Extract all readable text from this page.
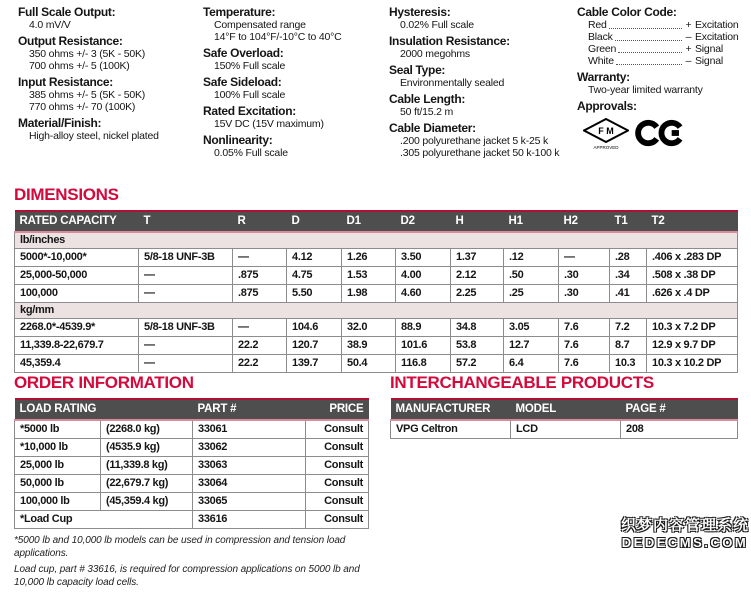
Full Scale Output:
4.0 mV/V
Output Resistance:
350 ohms +/- 3 (5K - 50K)
700 ohms +/- 5 (100K)
Input Resistance:
385 ohms +/- 5 (5K - 50K)
770 ohms +/- 70 (100K)
Material/Finish:
High-alloy steel, nickel plated
Temperature:
Compensated range
14°F to 104°F/-10°C to 40°C
Safe Overload:
150% Full scale
Safe Sideload:
100% Full scale
Rated Excitation:
15V DC (15V maximum)
Nonlinearity:
0.05% Full scale
Hysteresis:
0.02% Full scale
Insulation Resistance:
2000 megohms
Seal Type:
Environmentally sealed
Cable Length:
50 ft/15.2 m
Cable Diameter:
.200 polyurethane jacket 5 k-25 k
.305 polyurethane jacket 50 k-100 k
Cable Color Code:
Red	+ Excitation
Black	– Excitation
Green	+ Signal
White	– Signal
Warranty:
Two-year limited warranty
Approvals:
F M
APPROVED
DIMENSIONS
RATED CAPACITY	T	R	D	D1	D2	H	H1	H2	T1	T2
lb/inches										
5000*-10,000*	5/8-18 UNF-3B	—	4.12	1.26	3.50	1.37	.12	—	.28	.406 x .283 DP
25,000-50,000	—	.875	4.75	1.53	4.00	2.12	.50	.30	.34	.508 x .38 DP
100,000	—	.875	5.50	1.98	4.60	2.25	.25	.30	.41	.626 x .4 DP
kg/mm										
2268.0*-4539.9*	5/8-18 UNF-3B	—	104.6	32.0	88.9	34.8	3.05	7.6	7.2	10.3 x 7.2 DP
11,339.8-22,679.7	—	22.2	120.7	38.9	101.6	53.8	12.7	7.6	8.7	12.9 x 9.7 DP
45,359.4	—	22.2	139.7	50.4	116.8	57.2	6.4	7.6	10.3	10.3 x 10.2 DP
ORDER INFORMATION
LOAD RATING		PART #	PRICE
*5000 lb	(2268.0 kg)	33061	Consult
*10,000 lb	(4535.9 kg)	33062	Consult
25,000 lb	(11,339.8 kg)	33063	Consult
50,000 lb	(22,679.7 kg)	33064	Consult
100,000 lb	(45,359.4 kg)	33065	Consult
*Load Cup		33616	Consult

*5000 lb and 10,000 lb models can be used in compression and tension load applications.

Load cup, part # 33616, is required for compression applications on 5000 lb and 10,000 lb capacity load cells.

INTERCHANGEABLE PRODUCTS
MANUFACTURER	MODEL	PAGE #
VPG Celtron	LCD	208
织梦内容管理系统
DEDECMS.COM
